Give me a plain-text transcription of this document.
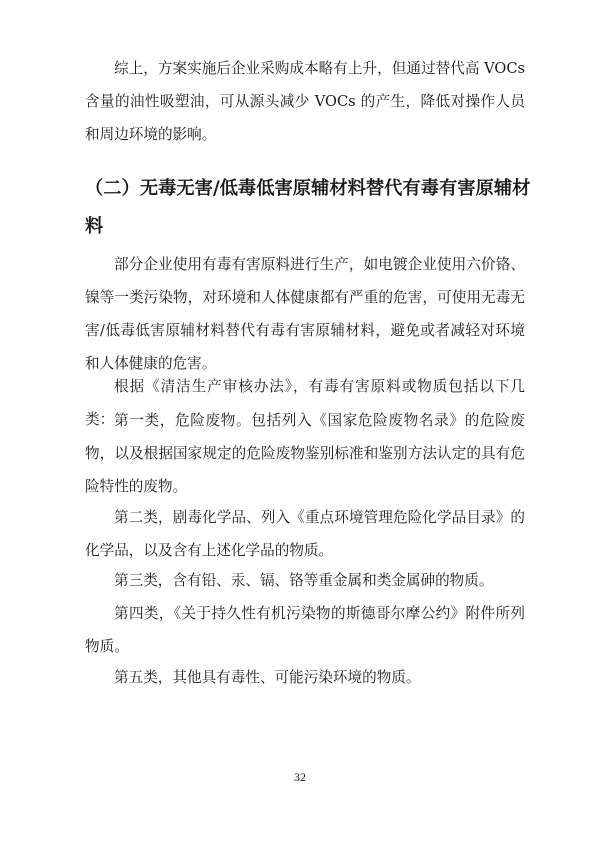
综上，方案实施后企业采购成本略有上升，但通过替代高 VOCs 含量的油性吸塑油，可从源头减少 VOCs 的产生，降低对操作人员和周边环境的影响。

（二）无毒无害/低毒低害原辅材料替代有毒有害原辅材料

部分企业使用有毒有害原料进行生产，如电镀企业使用六价铬、镍等一类污染物，对环境和人体健康都有严重的危害，可使用无毒无害/低毒低害原辅材料替代有毒有害原辅材料，避免或者减轻对环境和人体健康的危害。

根据《清洁生产审核办法》，有毒有害原料或物质包括以下几类： 第一类，危险废物。包括列入《国家危险废物名录》的危险废物，以及根据国家规定的危险废物鉴别标准和鉴别方法认定的具有危险特性的废物。

第二类，剧毒化学品、列入《重点环境管理危险化学品目录》的化学品，以及含有上述化学品的物质。

第三类，含有铅、汞、镉、铬等重金属和类金属砷的物质。

第四类，《关于持久性有机污染物的斯德哥尔摩公约》附件所列物质。

第五类，其他具有毒性、可能污染环境的物质。

32
